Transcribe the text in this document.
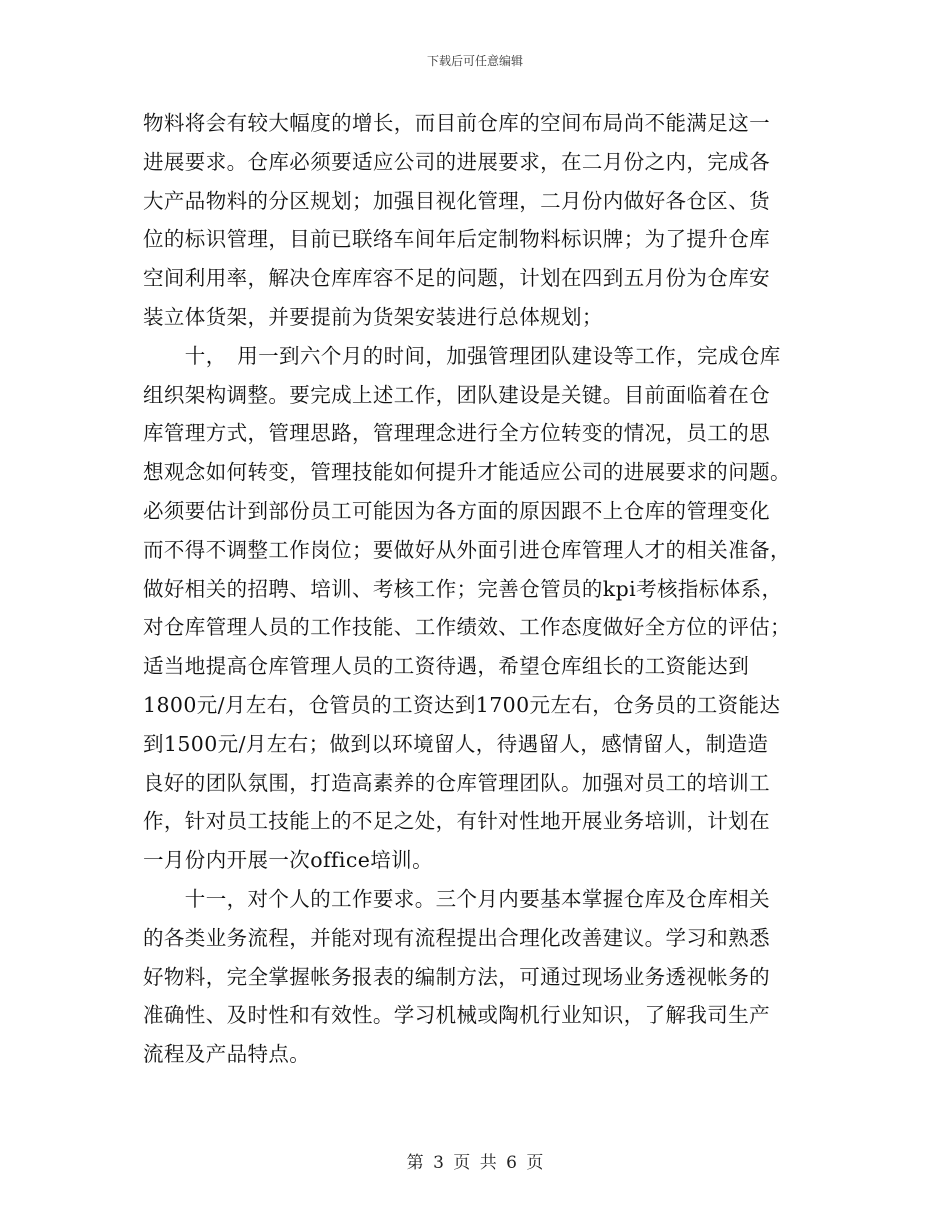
下载后可任意编辑
物料将会有较大幅度的增长，而目前仓库的空间布局尚不能满足这一
进展要求。仓库必须要适应公司的进展要求，在二月份之内，完成各
大产品物料的分区规划；加强目视化管理，二月份内做好各仓区、货
位的标识管理，目前已联络车间年后定制物料标识牌；为了提升仓库
空间利用率，解决仓库库容不足的问题，计划在四到五月份为仓库安
装立体货架，并要提前为货架安装进行总体规划；
　　十，　用一到六个月的时间，加强管理团队建设等工作，完成仓库
组织架构调整。要完成上述工作，团队建设是关键。目前面临着在仓
库管理方式，管理思路，管理理念进行全方位转变的情况，员工的思
想观念如何转变，管理技能如何提升才能适应公司的进展要求的问题。
必须要估计到部份员工可能因为各方面的原因跟不上仓库的管理变化
而不得不调整工作岗位；要做好从外面引进仓库管理人才的相关准备，
做好相关的招聘、培训、考核工作；完善仓管员的kpi考核指标体系，
对仓库管理人员的工作技能、工作绩效、工作态度做好全方位的评估；
适当地提高仓库管理人员的工资待遇，希望仓库组长的工资能达到
1800元/月左右，仓管员的工资达到1700元左右，仓务员的工资能达
到1500元/月左右；做到以环境留人，待遇留人，感情留人，制造造
良好的团队氛围，打造高素养的仓库管理团队。加强对员工的培训工
作，针对员工技能上的不足之处，有针对性地开展业务培训，计划在
一月份内开展一次office培训。
　　十一，对个人的工作要求。三个月内要基本掌握仓库及仓库相关
的各类业务流程，并能对现有流程提出合理化改善建议。学习和熟悉
好物料，完全掌握帐务报表的编制方法，可通过现场业务透视帐务的
准确性、及时性和有效性。学习机械或陶机行业知识，了解我司生产
流程及产品特点。
第 3 页 共 6 页
